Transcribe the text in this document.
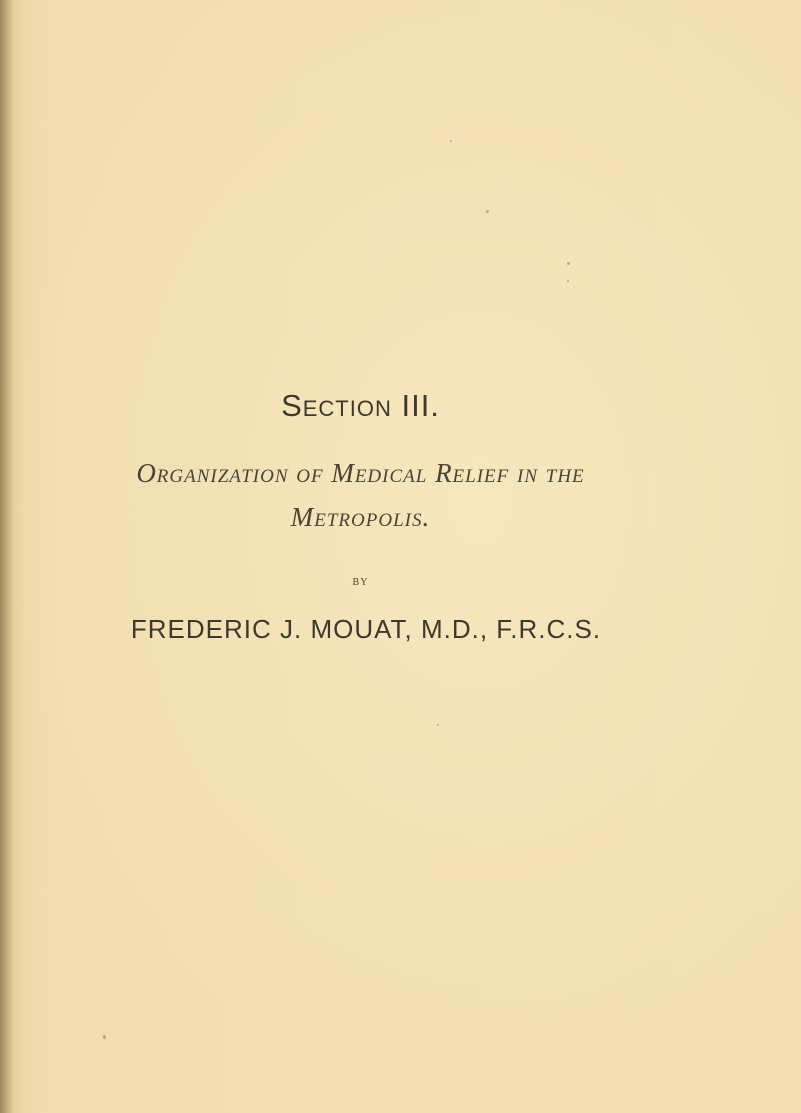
Section III.
Organization of Medical Relief in the
Metropolis.
BY
FREDERIC J. MOUAT, M.D., F.R.C.S.
